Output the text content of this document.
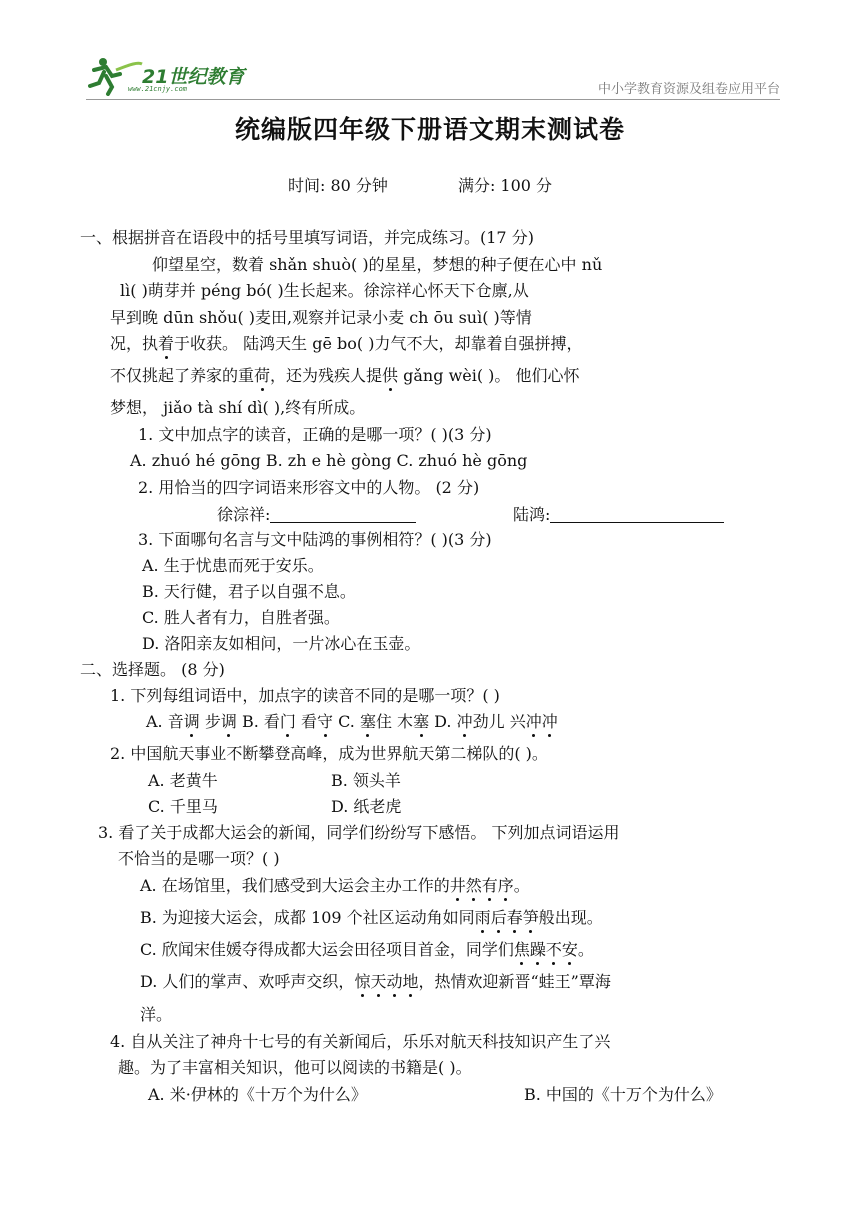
21世纪教育
www.21cnjy.com	中小学教育资源及组卷应用平台
统编版四年级下册语文期末测试卷
时间: 80 分钟	满分: 100 分
一、根据拼音在语段中的括号里填写词语，并完成练习。(17 分)
仰望星空，数着 shǎn shuò( )的星星，梦想的种子便在心中 nǔ
lì( )萌芽并 péng bó( )生长起来。徐淙祥心怀天下仓廪,从
早到晚 dūn shǒu( )麦田,观察并记录小麦 ch ōu suì( )等情
况，执着于收获。 陆鸿天生 gē bo( )力气不大，却靠着自强拼搏，
不仅挑起了养家的重荷，还为残疾人提供 gǎng wèi( )。 他们心怀
梦想， jiǎo tà shí dì( ),终有所成。
1. 文中加点字的读音，正确的是哪一项？( )(3 分)
A. zhuó hé gōng B. zh e hè gòng C. zhuó hè gōng
2. 用恰当的四字词语来形容文中的人物。 (2 分)
徐淙祥:	陆鸿:
3. 下面哪句名言与文中陆鸿的事例相符？( )(3 分)
A. 生于忧患而死于安乐。
B. 天行健，君子以自强不息。
C. 胜人者有力，自胜者强。
D. 洛阳亲友如相问，一片冰心在玉壶。
二、选择题。 (8 分)
1. 下列每组词语中，加点字的读音不同的是哪一项？( )
A. 音调 步调 B. 看门 看守 C. 塞住 木塞 D. 冲劲儿 兴冲冲
2. 中国航天事业不断攀登高峰，成为世界航天第二梯队的( )。
A. 老黄牛	B. 领头羊
C. 千里马	D. 纸老虎
3. 看了关于成都大运会的新闻，同学们纷纷写下感悟。 下列加点词语运用
不恰当的是哪一项？( )
A. 在场馆里，我们感受到大运会主办工作的井然有序。
B. 为迎接大运会，成都 109 个社区运动角如同雨后春笋般出现。
C. 欣闻宋佳媛夺得成都大运会田径项目首金，同学们焦躁不安。
D. 人们的掌声、欢呼声交织，惊天动地，热情欢迎新晋“蛙王”覃海
洋。
4. 自从关注了神舟十七号的有关新闻后，乐乐对航天科技知识产生了兴
趣。为了丰富相关知识，他可以阅读的书籍是( )。
A. 米·伊林的《十万个为什么》	B. 中国的《十万个为什么》
